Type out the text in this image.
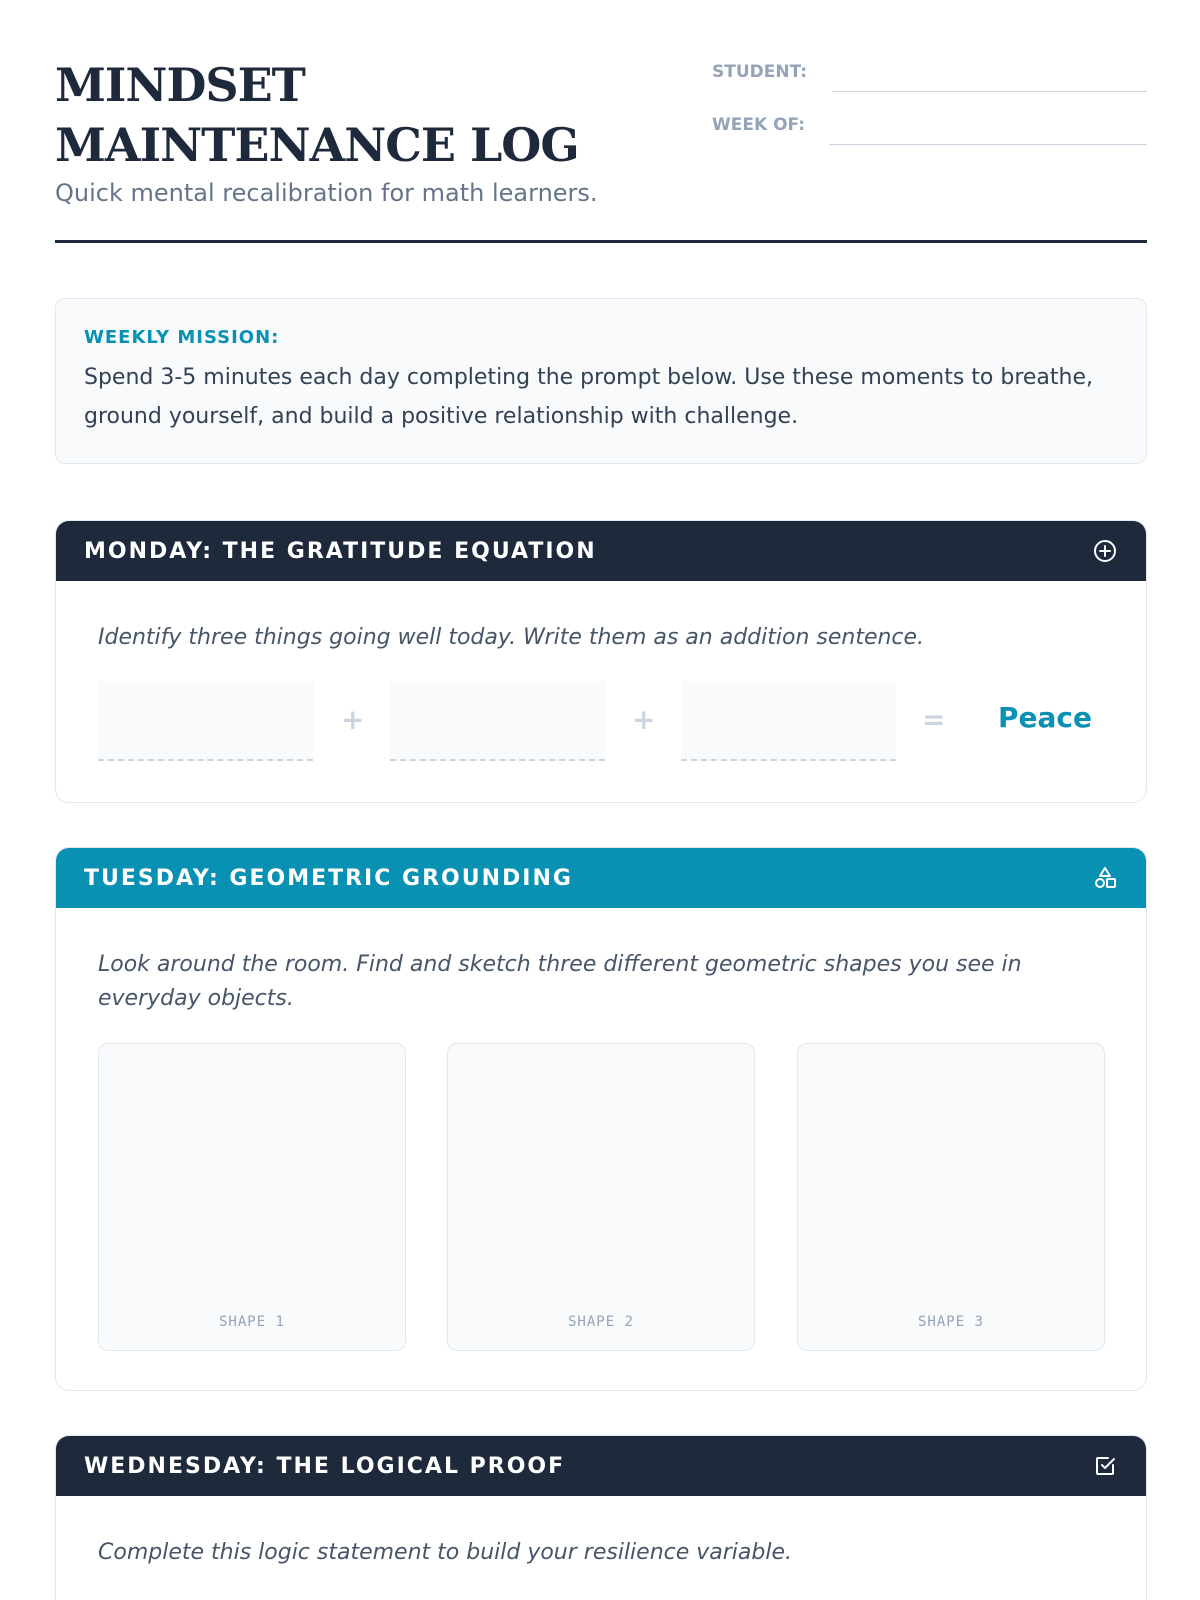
MINDSET MAINTENANCE LOG
Quick mental recalibration for math learners.
STUDENT:
WEEK OF:
WEEKLY MISSION:
Spend 3-5 minutes each day completing the prompt below. Use these moments to breathe, ground yourself, and build a positive relationship with challenge.
MONDAY: THE GRATITUDE EQUATION
Identify three things going well today. Write them as an addition sentence.
+	+	= Peace
TUESDAY: GEOMETRIC GROUNDING
Look around the room. Find and sketch three different geometric shapes you see in everyday objects.
SHAPE 1	SHAPE 2	SHAPE 3
WEDNESDAY: THE LOGICAL PROOF
Complete this logic statement to build your resilience variable.
